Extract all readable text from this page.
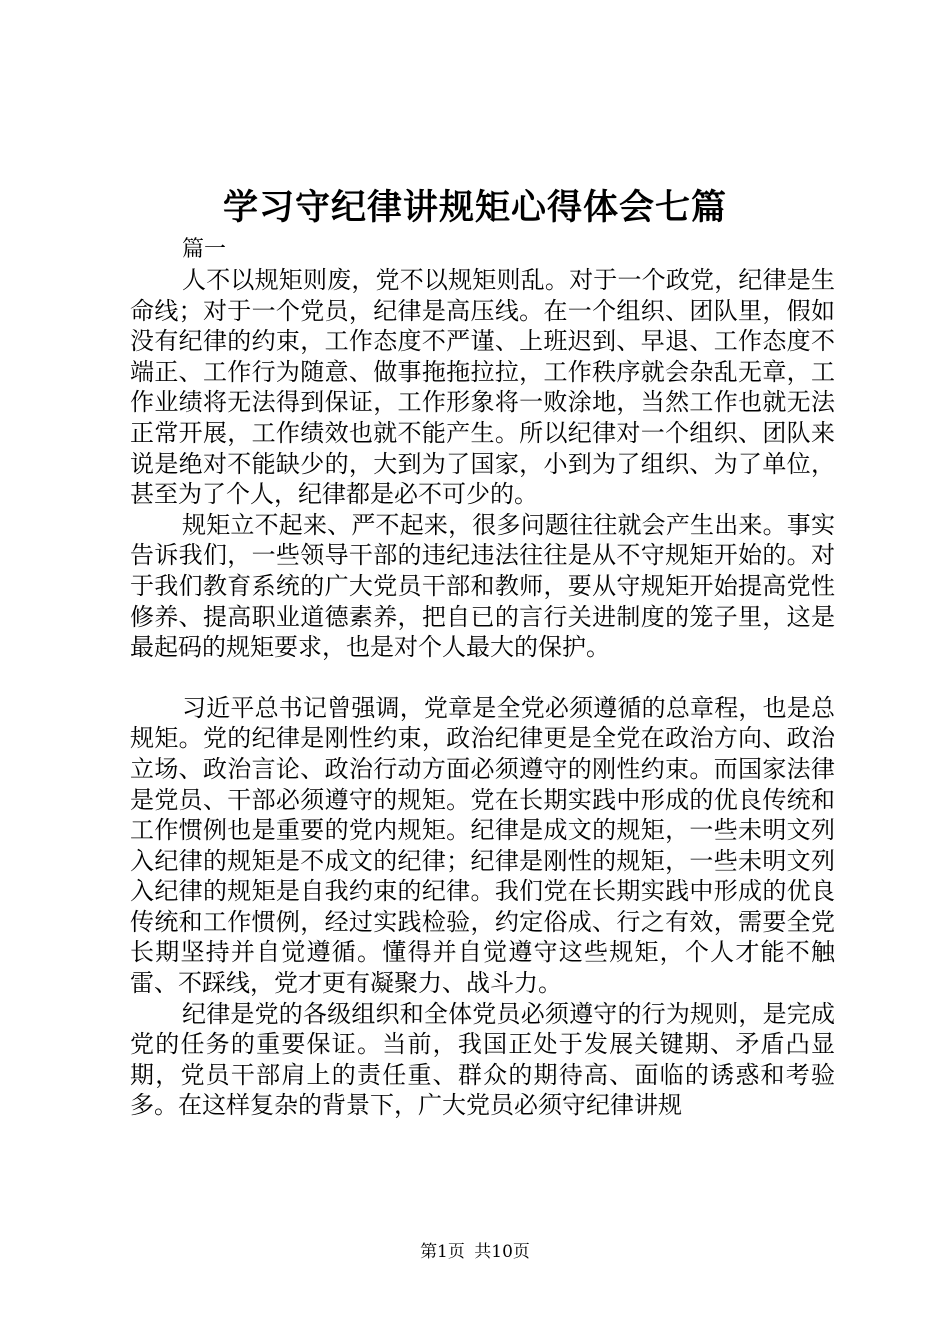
学习守纪律讲规矩心得体会七篇

篇一

人不以规矩则废，党不以规矩则乱。对于一个政党，纪律是生命线；对于一个党员，纪律是高压线。在一个组织、团队里，假如没有纪律的约束，工作态度不严谨、上班迟到、早退、工作态度不端正、工作行为随意、做事拖拖拉拉，工作秩序就会杂乱无章，工作业绩将无法得到保证，工作形象将一败涂地，当然工作也就无法正常开展，工作绩效也就不能产生。所以纪律对一个组织、团队来说是绝对不能缺少的，大到为了国家，小到为了组织、为了单位，甚至为了个人，纪律都是必不可少的。

规矩立不起来、严不起来，很多问题往往就会产生出来。事实告诉我们，一些领导干部的违纪违法往往是从不守规矩开始的。对于我们教育系统的广大党员干部和教师，要从守规矩开始提高党性修养、提高职业道德素养，把自已的言行关进制度的笼子里，这是最起码的规矩要求，也是对个人最大的保护。

习近平总书记曾强调，党章是全党必须遵循的总章程，也是总规矩。党的纪律是刚性约束，政治纪律更是全党在政治方向、政治立场、政治言论、政治行动方面必须遵守的刚性约束。而国家法律是党员、干部必须遵守的规矩。党在长期实践中形成的优良传统和工作惯例也是重要的党内规矩。纪律是成文的规矩，一些未明文列入纪律的规矩是不成文的纪律；纪律是刚性的规矩，一些未明文列入纪律的规矩是自我约束的纪律。我们党在长期实践中形成的优良传统和工作惯例，经过实践检验，约定俗成、行之有效，需要全党长期坚持并自觉遵循。懂得并自觉遵守这些规矩，个人才能不触雷、不踩线，党才更有凝聚力、战斗力。

纪律是党的各级组织和全体党员必须遵守的行为规则，是完成党的任务的重要保证。当前，我国正处于发展关键期、矛盾凸显期，党员干部肩上的责任重、群众的期待高、面临的诱惑和考验多。在这样复杂的背景下，广大党员必须守纪律讲规

第1页 共10页
